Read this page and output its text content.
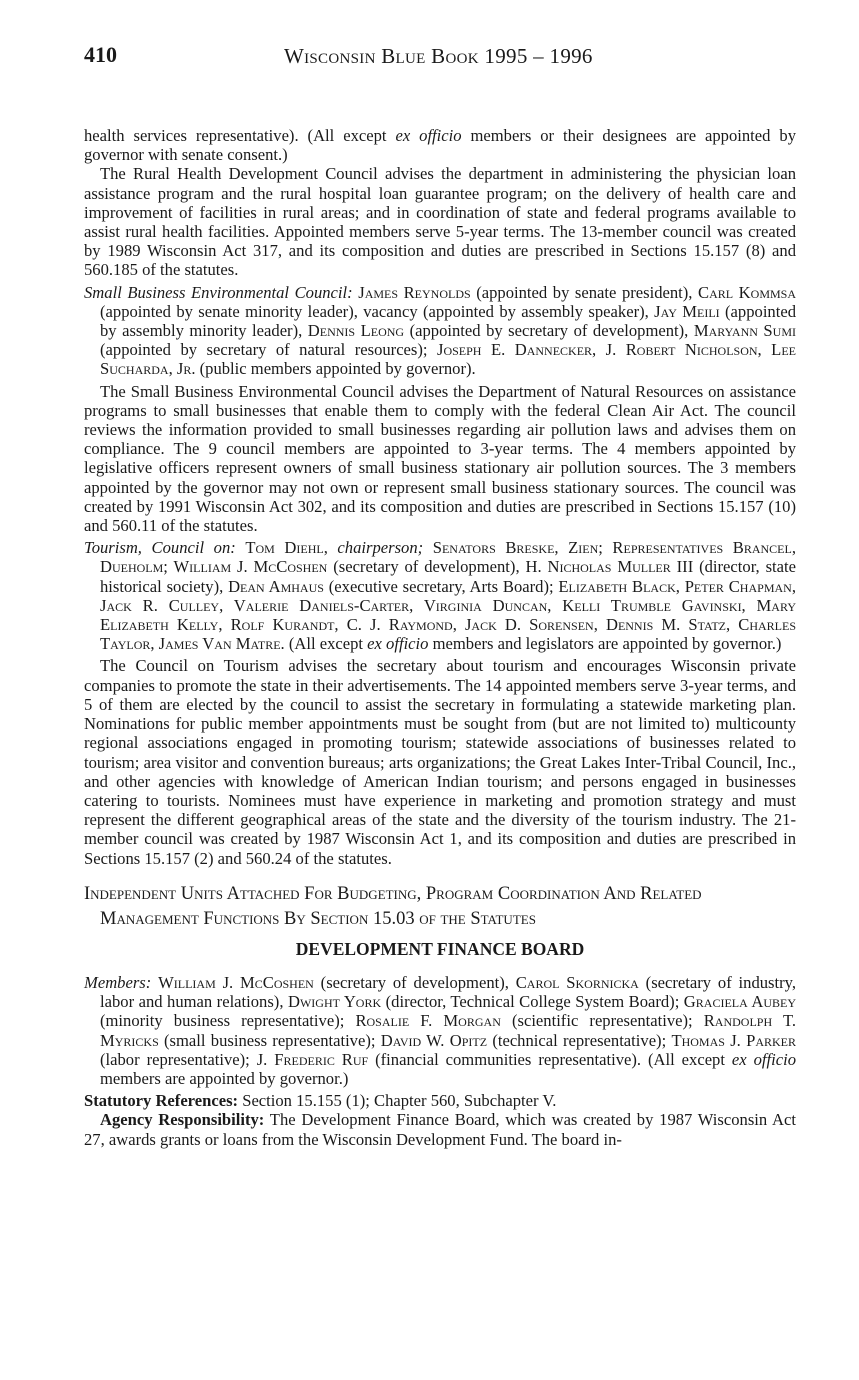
410	Wisconsin Blue Book 1995 – 1996

health services representative). (All except ex officio members or their designees are appointed by governor with senate consent.)

The Rural Health Development Council advises the department in administering the physician loan assistance program and the rural hospital loan guarantee program; on the delivery of health care and improvement of facilities in rural areas; and in coordination of state and federal programs available to assist rural health facilities. Appointed members serve 5-year terms. The 13-member council was created by 1989 Wisconsin Act 317, and its composition and duties are prescribed in Sections 15.157 (8) and 560.185 of the statutes.

Small Business Environmental Council: James Reynolds (appointed by senate president), Carl Kommsa (appointed by senate minority leader), vacancy (appointed by assembly speaker), Jay Meili (appointed by assembly minority leader), Dennis Leong (appointed by secretary of development), Maryann Sumi (appointed by secretary of natural resources); Joseph E. Dannecker, J. Robert Nicholson, Lee Sucharda, Jr. (public members appointed by governor).

The Small Business Environmental Council advises the Department of Natural Resources on assistance programs to small businesses that enable them to comply with the federal Clean Air Act. The council reviews the information provided to small businesses regarding air pollution laws and advises them on compliance. The 9 council members are appointed to 3-year terms. The 4 members appointed by legislative officers represent owners of small business stationary air pollution sources. The 3 members appointed by the governor may not own or represent small business stationary sources. The council was created by 1991 Wisconsin Act 302, and its composition and duties are prescribed in Sections 15.157 (10) and 560.11 of the statutes.

Tourism, Council on: Tom Diehl, chairperson; Senators Breske, Zien; Representatives Brancel, Dueholm; William J. McCoshen (secretary of development), H. Nicholas Muller III (director, state historical society), Dean Amhaus (executive secretary, Arts Board); Elizabeth Black, Peter Chapman, Jack R. Culley, Valerie Daniels-Carter, Virginia Duncan, Kelli Trumble Gavinski, Mary Elizabeth Kelly, Rolf Kurandt, C. J. Raymond, Jack D. Sorensen, Dennis M. Statz, Charles Taylor, James Van Matre. (All except ex officio members and legislators are appointed by governor.)

The Council on Tourism advises the secretary about tourism and encourages Wisconsin private companies to promote the state in their advertisements. The 14 appointed members serve 3-year terms, and 5 of them are elected by the council to assist the secretary in formulating a statewide marketing plan. Nominations for public member appointments must be sought from (but are not limited to) multicounty regional associations engaged in promoting tourism; statewide associations of businesses related to tourism; area visitor and convention bureaus; arts organizations; the Great Lakes Inter-Tribal Council, Inc., and other agencies with knowledge of American Indian tourism; and persons engaged in businesses catering to tourists. Nominees must have experience in marketing and promotion strategy and must represent the different geographical areas of the state and the diversity of the tourism industry. The 21-member council was created by 1987 Wisconsin Act 1, and its composition and duties are prescribed in Sections 15.157 (2) and 560.24 of the statutes.

Independent Units Attached For Budgeting, Program Coordination And Related Management Functions By Section 15.03 of the Statutes
DEVELOPMENT FINANCE BOARD

Members: William J. McCoshen (secretary of development), Carol Skornicka (secretary of industry, labor and human relations), Dwight York (director, Technical College System Board); Graciela Aubey (minority business representative); Rosalie F. Morgan (scientific representative); Randolph T. Myricks (small business representative); David W. Opitz (technical representative); Thomas J. Parker (labor representative); J. Frederic Ruf (financial communities representative). (All except ex officio members are appointed by governor.)

Statutory References: Section 15.155 (1); Chapter 560, Subchapter V.

Agency Responsibility: The Development Finance Board, which was created by 1987 Wisconsin Act 27, awards grants or loans from the Wisconsin Development Fund. The board in-
